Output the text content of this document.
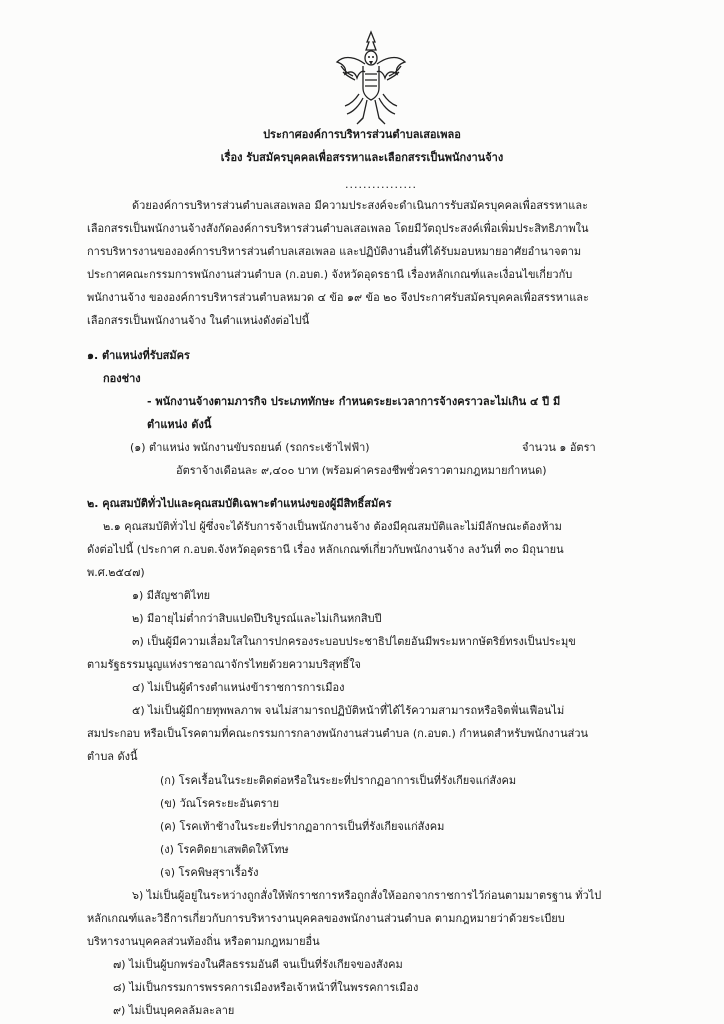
ประกาศองค์การบริหารส่วนตำบลเสอเพลอ
เรื่อง รับสมัครบุคคลเพื่อสรรหาและเลือกสรรเป็นพนักงานจ้าง
................
ด้วยองค์การบริหารส่วนตำบลเสอเพลอ มีความประสงค์จะดำเนินการรับสมัครบุคคลเพื่อสรรหาและ
เลือกสรรเป็นพนักงานจ้างสังกัดองค์การบริหารส่วนตำบลเสอเพลอ โดยมีวัตถุประสงค์เพื่อเพิ่มประสิทธิภาพใน
การบริหารงานขององค์การบริหารส่วนตำบลเสอเพลอ และปฏิบัติงานอื่นที่ได้รับมอบหมายอาศัยอำนาจตาม
ประกาศคณะกรรมการพนักงานส่วนตำบล (ก.อบต.) จังหวัดอุดรธานี เรื่องหลักเกณฑ์และเงื่อนไขเกี่ยวกับ
พนักงานจ้าง ขององค์การบริหารส่วนตำบลหมวด ๔ ข้อ ๑๙ ข้อ ๒๐ จึงประกาศรับสมัครบุคคลเพื่อสรรหาและ
เลือกสรรเป็นพนักงานจ้าง ในตำแหน่งดังต่อไปนี้
๑. ตำแหน่งที่รับสมัคร
กองช่าง
- พนักงานจ้างตามภารกิจ ประเภททักษะ กำหนดระยะเวลาการจ้างคราวละไม่เกิน ๔ ปี มี
ตำแหน่ง ดังนี้
(๑) ตำแหน่ง พนักงานขับรถยนต์ (รถกระเช้าไฟฟ้า)	จำนวน ๑ อัตรา
อัตราจ้างเดือนละ ๙,๔๐๐ บาท (พร้อมค่าครองชีพชั่วคราวตามกฎหมายกำหนด)
๒. คุณสมบัติทั่วไปและคุณสมบัติเฉพาะตำแหน่งของผู้มีสิทธิ์สมัคร
๒.๑ คุณสมบัติทั่วไป ผู้ซึ่งจะได้รับการจ้างเป็นพนักงานจ้าง ต้องมีคุณสมบัติและไม่มีลักษณะต้องห้าม
ดังต่อไปนี้ (ประกาศ ก.อบต.จังหวัดอุดรธานี เรื่อง หลักเกณฑ์เกี่ยวกับพนักงานจ้าง ลงวันที่ ๓๐ มิถุนายน
พ.ศ.๒๕๔๗)
๑) มีสัญชาติไทย
๒) มีอายุไม่ต่ำกว่าสิบแปดปีบริบูรณ์และไม่เกินหกสิบปี
๓) เป็นผู้มีความเลื่อมใสในการปกครองระบอบประชาธิปไตยอันมีพระมหากษัตริย์ทรงเป็นประมุข
ตามรัฐธรรมนูญแห่งราชอาณาจักรไทยด้วยความบริสุทธิ์ใจ
๔) ไม่เป็นผู้ดำรงตำแหน่งข้าราชการการเมือง
๕) ไม่เป็นผู้มีกายทุพพลภาพ จนไม่สามารถปฏิบัติหน้าที่ได้ไร้ความสามารถหรือจิตฟั่นเฟือนไม่
สมประกอบ หรือเป็นโรคตามที่คณะกรรมการกลางพนักงานส่วนตำบล (ก.อบต.) กำหนดสำหรับพนักงานส่วน
ตำบล ดังนี้
(ก) โรคเรื้อนในระยะติดต่อหรือในระยะที่ปรากฏอาการเป็นที่รังเกียจแก่สังคม
(ข) วัณโรคระยะอันตราย
(ค) โรคเท้าช้างในระยะที่ปรากฏอาการเป็นที่รังเกียจแก่สังคม
(ง) โรคติดยาเสพติดให้โทษ
(จ) โรคพิษสุราเรื้อรัง
๖) ไม่เป็นผู้อยู่ในระหว่างถูกสั่งให้พักราชการหรือถูกสั่งให้ออกจากราชการไว้ก่อนตามมาตรฐาน ทั่วไป
หลักเกณฑ์และวิธีการเกี่ยวกับการบริหารงานบุคคลของพนักงานส่วนตำบล ตามกฎหมายว่าด้วยระเบียบ
บริหารงานบุคคลส่วนท้องถิ่น หรือตามกฎหมายอื่น
๗) ไม่เป็นผู้บกพร่องในศีลธรรมอันดี จนเป็นที่รังเกียจของสังคม
๘) ไม่เป็นกรรมการพรรคการเมืองหรือเจ้าหน้าที่ในพรรคการเมือง
๙) ไม่เป็นบุคคลล้มละลาย
